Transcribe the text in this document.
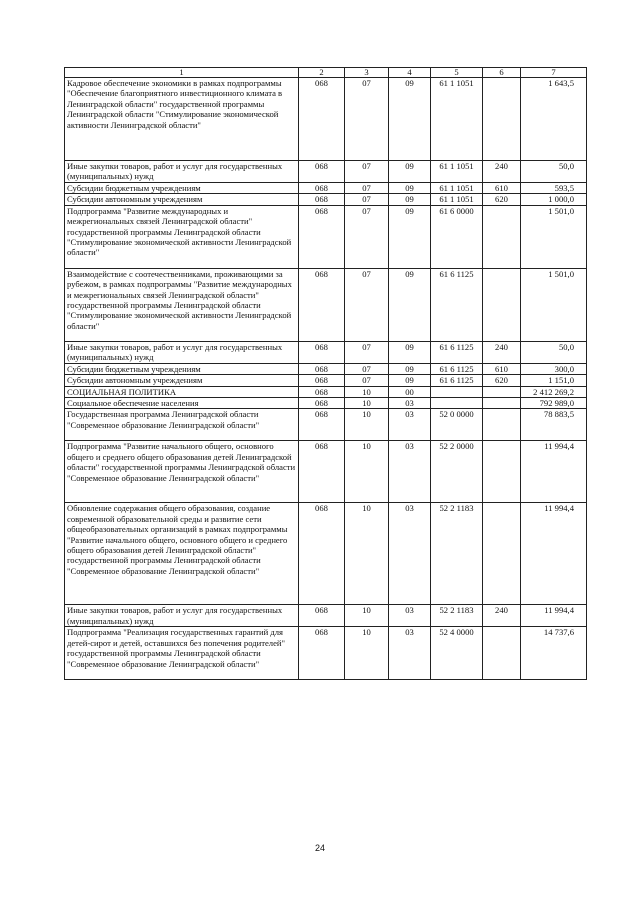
1	2	3	4	5	6	7
Кадровое обеспечение экономики в рамках подпрограммы "Обеспечение благоприятного инвестиционного климата в Ленинградской области" государственной программы Ленинградской области "Стимулирование экономической активности Ленинградской области"	068	07	09	61 1 1051		1 643,5
Иные закупки товаров, работ и услуг для государственных (муниципальных) нужд	068	07	09	61 1 1051	240	50,0
Субсидии бюджетным учреждениям	068	07	09	61 1 1051	610	593,5
Субсидии автономным учреждениям	068	07	09	61 1 1051	620	1 000,0
Подпрограмма "Развитие международных и межрегиональных связей Ленинградской области" государственной программы Ленинградской области "Стимулирование экономической активности Ленинградской области"	068	07	09	61 6 0000		1 501,0
Взаимодействие с соотечественниками, проживающими за рубежом, в рамках подпрограммы "Развитие международных и межрегиональных связей Ленинградской области" государственной программы Ленинградской области "Стимулирование экономической активности Ленинградской области"	068	07	09	61 6 1125		1 501,0
Иные закупки товаров, работ и услуг для государственных (муниципальных) нужд	068	07	09	61 6 1125	240	50,0
Субсидии бюджетным учреждениям	068	07	09	61 6 1125	610	300,0
Субсидии автономным учреждениям	068	07	09	61 6 1125	620	1 151,0
СОЦИАЛЬНАЯ ПОЛИТИКА	068	10	00			2 412 269,2
Социальное обеспечение населения	068	10	03			792 989,0
Государственная программа Ленинградской области "Современное образование Ленинградской области"	068	10	03	52 0 0000		78 883,5
Подпрограмма "Развитие начального общего, основного общего и среднего общего образования детей Ленинградской области" государственной программы Ленинградской области "Современное образование Ленинградской области"	068	10	03	52 2 0000		11 994,4
Обновление содержания общего образования, создание современной образовательной среды и развитие сети общеобразовательных организаций в рамках подпрограммы "Развитие начального общего, основного общего и среднего общего образования детей Ленинградской области" государственной программы Ленинградской области "Современное образование Ленинградской области"	068	10	03	52 2 1183		11 994,4
Иные закупки товаров, работ и услуг для государственных (муниципальных) нужд	068	10	03	52 2 1183	240	11 994,4
Подпрограмма "Реализация государственных гарантий для детей-сирот и детей, оставшихся без попечения родителей" государственной программы Ленинградской области "Современное образование Ленинградской области"	068	10	03	52 4 0000		14 737,6
24
